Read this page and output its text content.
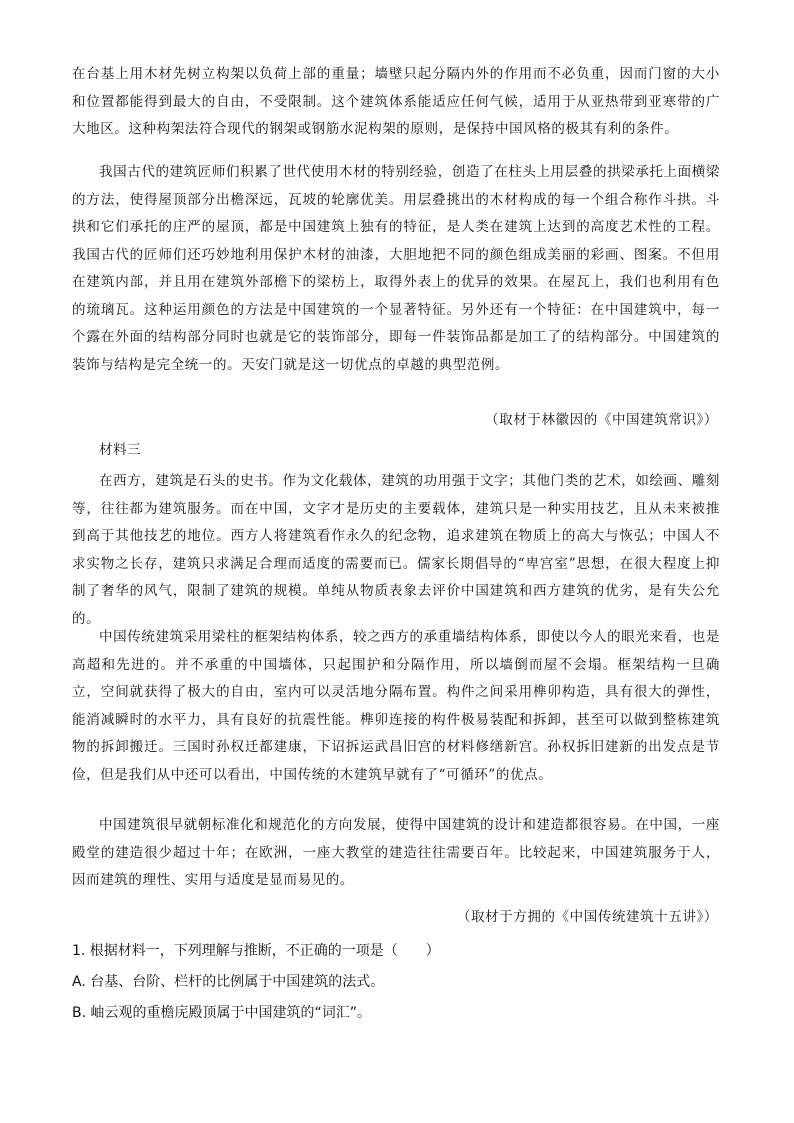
在台基上用木材先树立构架以负荷上部的重量；墙壁只起分隔内外的作用而不必负重，因而门窗的大小和位置都能得到最大的自由，不受限制。这个建筑体系能适应任何气候，适用于从亚热带到亚寒带的广大地区。这种构架法符合现代的钢架或钢筋水泥构架的原则，是保持中国风格的极其有利的条件。

我国古代的建筑匠师们积累了世代使用木材的特别经验，创造了在柱头上用层叠的拱梁承托上面横梁的方法，使得屋顶部分出檐深远，瓦坡的轮廓优美。用层叠挑出的木材构成的每一个组合称作斗拱。斗拱和它们承托的庄严的屋顶，都是中国建筑上独有的特征，是人类在建筑上达到的高度艺术性的工程。我国古代的匠师们还巧妙地利用保护木材的油漆，大胆地把不同的颜色组成美丽的彩画、图案。不但用在建筑内部，并且用在建筑外部檐下的梁枋上，取得外表上的优异的效果。在屋瓦上，我们也利用有色的琉璃瓦。这种运用颜色的方法是中国建筑的一个显著特征。另外还有一个特征：在中国建筑中，每一个露在外面的结构部分同时也就是它的装饰部分，即每一件装饰品都是加工了的结构部分。中国建筑的装饰与结构是完全统一的。天安门就是这一切优点的卓越的典型范例。

（取材于林徽因的《中国建筑常识》）
材料三

在西方，建筑是石头的史书。作为文化载体，建筑的功用强于文字；其他门类的艺术，如绘画、雕刻等，往往都为建筑服务。而在中国，文字才是历史的主要载体，建筑只是一种实用技艺，且从未来被推到高于其他技艺的地位。西方人将建筑看作永久的纪念物，追求建筑在物质上的高大与恢弘；中国人不求实物之长存，建筑只求满足合理而适度的需要而已。儒家长期倡导的“卑宫室”思想，在很大程度上抑制了奢华的风气，限制了建筑的规模。单纯从物质表象去评价中国建筑和西方建筑的优劣，是有失公允的。

中国传统建筑采用梁柱的框架结构体系，较之西方的承重墙结构体系，即使以今人的眼光来看，也是高超和先进的。并不承重的中国墙体，只起围护和分隔作用，所以墙倒而屋不会塌。框架结构一旦确立，空间就获得了极大的自由，室内可以灵活地分隔布置。构件之间采用榫卯构造，具有很大的弹性，能消减瞬时的水平力，具有良好的抗震性能。榫卯连接的构件极易装配和拆卸，甚至可以做到整栋建筑物的拆卸搬迁。三国时孙权迁都建康，下诏拆运武昌旧宫的材料修缮新宫。孙权拆旧建新的出发点是节俭，但是我们从中还可以看出，中国传统的木建筑早就有了“可循环”的优点。

中国建筑很早就朝标准化和规范化的方向发展，使得中国建筑的设计和建造都很容易。在中国，一座殿堂的建造很少超过十年；在欧洲，一座大教堂的建造往往需要百年。比较起来，中国建筑服务于人，因而建筑的理性、实用与适度是显而易见的。

（取材于方拥的《中国传统建筑十五讲》）

1. 根据材料一，下列理解与推断，不正确的一项是（　　）

A. 台基、台阶、栏杆的比例属于中国建筑的法式。

B. 岫云观的重檐庑殿顶属于中国建筑的“词汇”。
